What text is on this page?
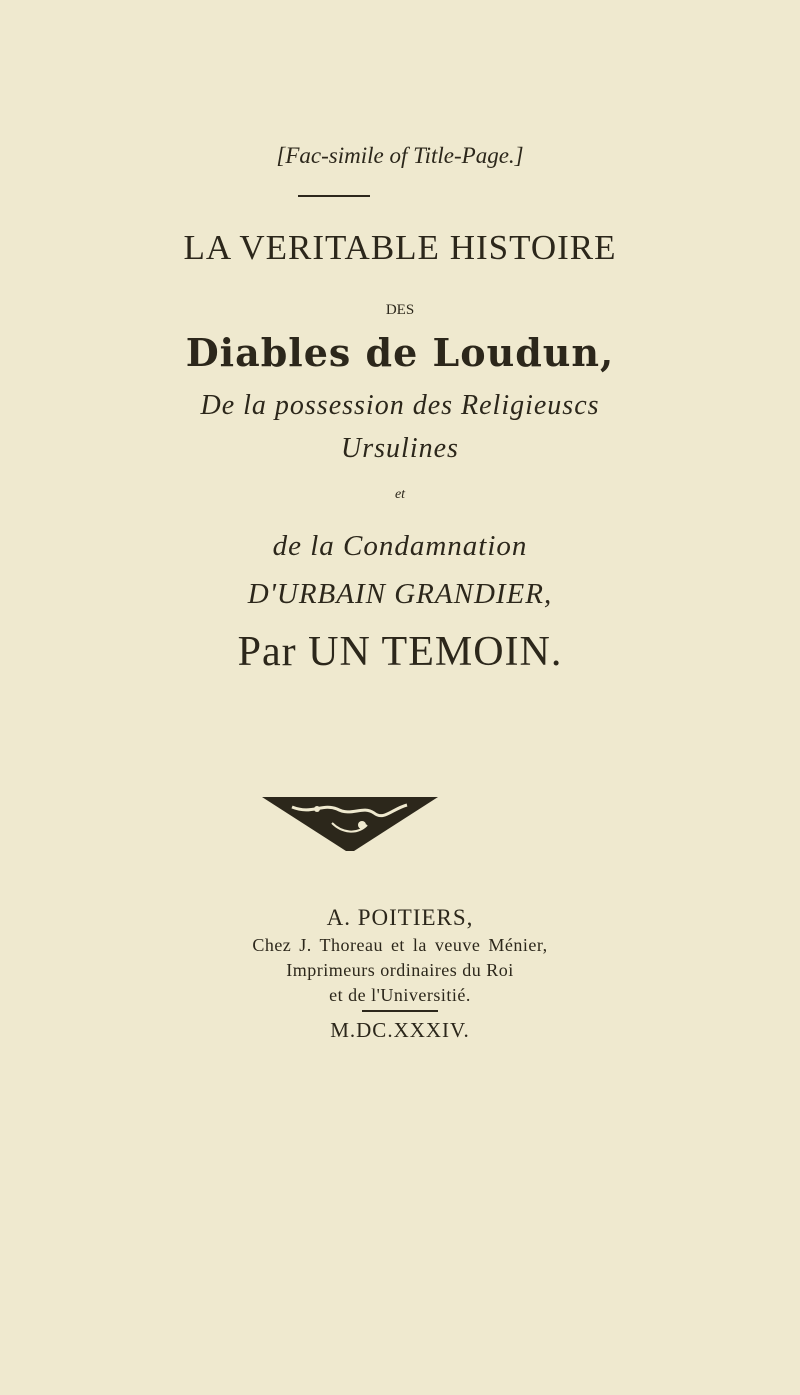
[Fac-simile of Title-Page.]
LA VERITABLE HISTOIRE
DES
Diables de Loudun,
De la possession des Religieuscs
Ursulines
et
de la Condamnation
D'URBAIN GRANDIER,
Par UN TEMOIN.
A. POITIERS,
Chez J. Thoreau et la veuve Ménier,
Imprimeurs ordinaires du Roi
et de l'Universitié.
M.DC.XXXIV.
